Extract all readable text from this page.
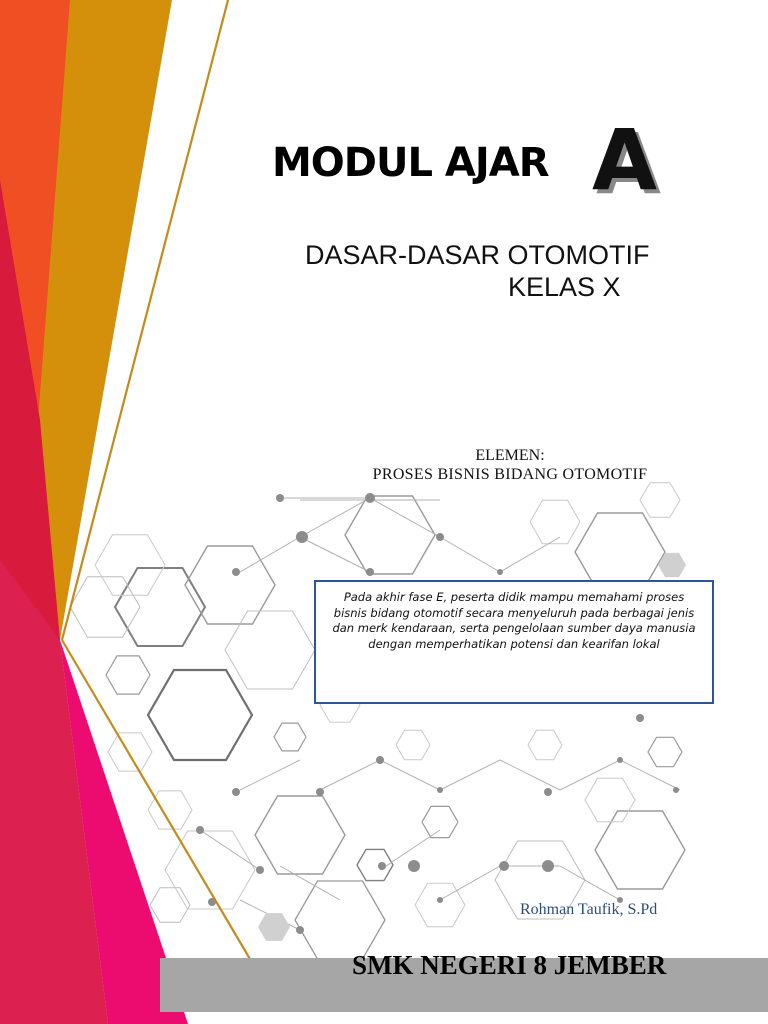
MODUL AJAR A
DASAR-DASAR OTOMOTIF
KELAS X
ELEMEN:
PROSES BISNIS BIDANG OTOMOTIF
Pada akhir fase E, peserta didik mampu memahami proses bisnis bidang otomotif secara menyeluruh pada berbagai jenis dan merk kendaraan, serta pengelolaan sumber daya manusia dengan memperhatikan potensi dan kearifan lokal
Rohman Taufik, S.Pd
SMK NEGERI 8 JEMBER
